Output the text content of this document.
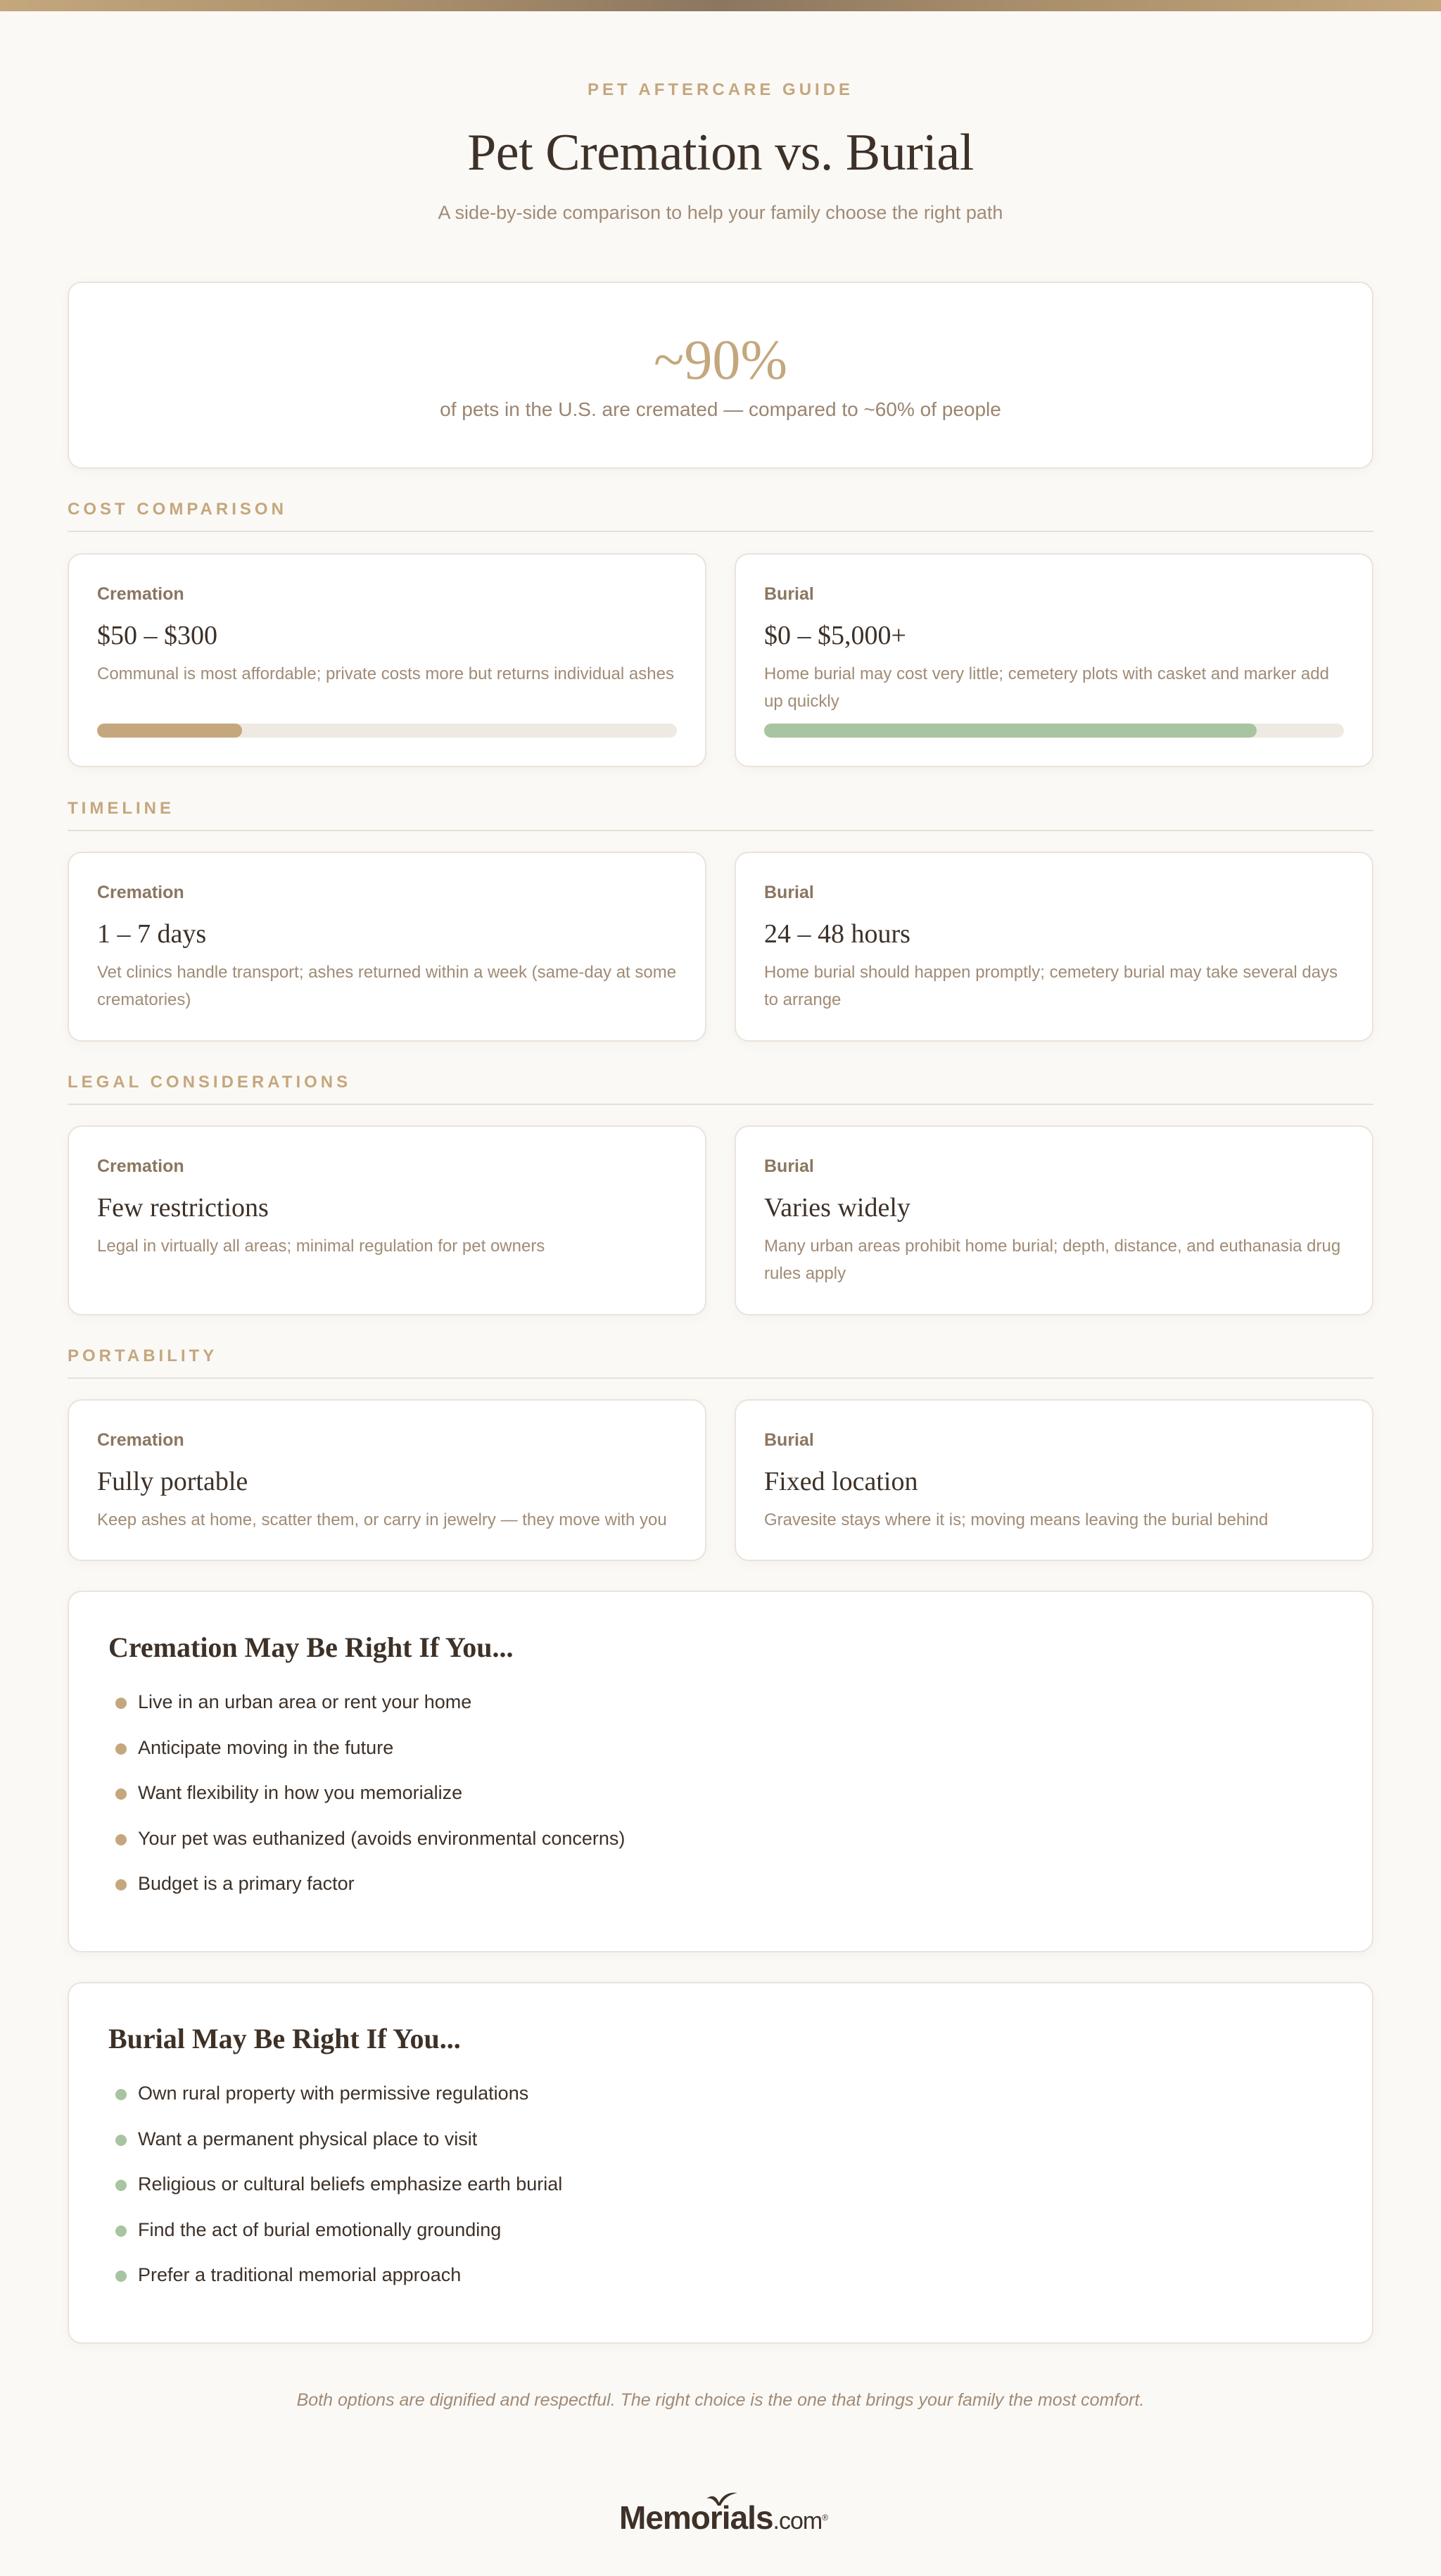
PET AFTERCARE GUIDE
Pet Cremation vs. Burial

A side-by-side comparison to help your family choose the right path

~90%
of pets in the U.S. are cremated — compared to ~60% of people
COST COMPARISON
Cremation
$50 – $300
Communal is most affordable; private costs more but returns individual ashes
Burial
$0 – $5,000+
Home burial may cost very little; cemetery plots with casket and marker add up quickly
TIMELINE
Cremation
1 – 7 days
Vet clinics handle transport; ashes returned within a week (same-day at some crematories)
Burial
24 – 48 hours
Home burial should happen promptly; cemetery burial may take several days to arrange
LEGAL CONSIDERATIONS
Cremation
Few restrictions
Legal in virtually all areas; minimal regulation for pet owners
Burial
Varies widely
Many urban areas prohibit home burial; depth, distance, and euthanasia drug rules apply
PORTABILITY
Cremation
Fully portable
Keep ashes at home, scatter them, or carry in jewelry — they move with you
Burial
Fixed location
Gravesite stays where it is; moving means leaving the burial behind
Cremation May Be Right If You...
Live in an urban area or rent your home
Anticipate moving in the future
Want flexibility in how you memorialize
Your pet was euthanized (avoids environmental concerns)
Budget is a primary factor
Burial May Be Right If You...
Own rural property with permissive regulations
Want a permanent physical place to visit
Religious or cultural beliefs emphasize earth burial
Find the act of burial emotionally grounding
Prefer a traditional memorial approach

Both options are dignified and respectful. The right choice is the one that brings your family the most comfort.

Memorials.com®
